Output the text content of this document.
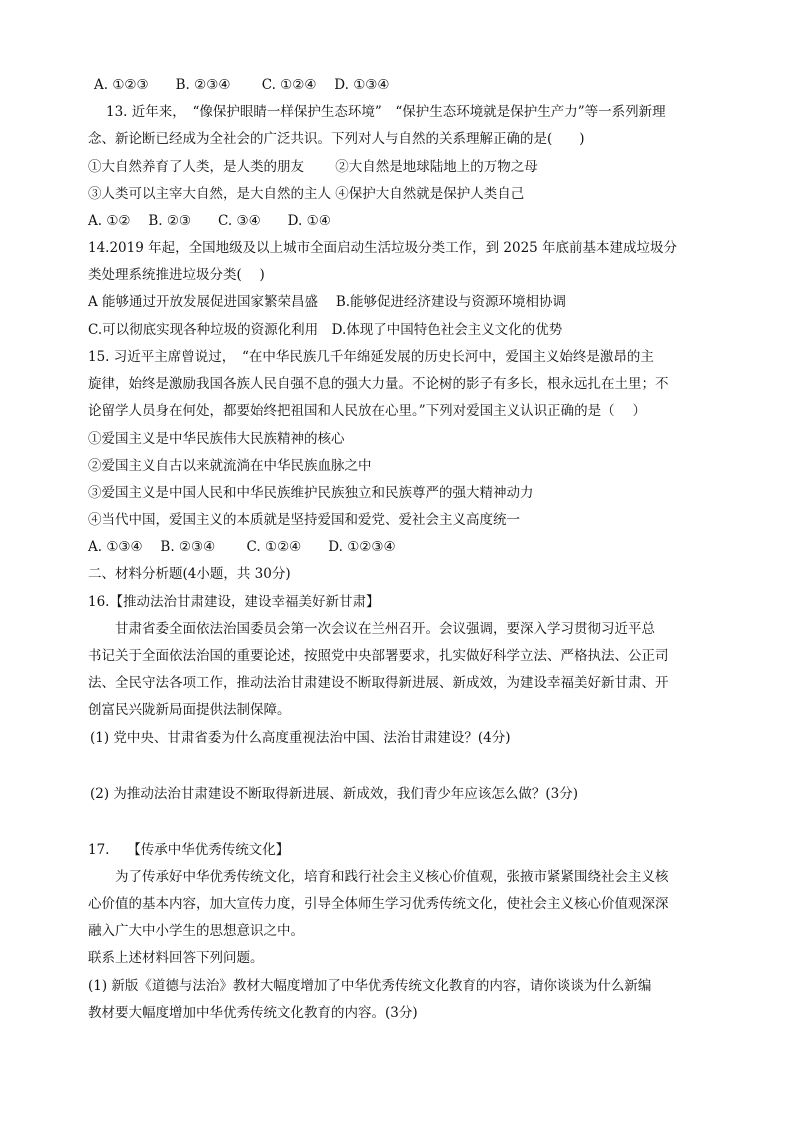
A. ①②③　　B. ②③④　　 C. ①②④　 D. ①③④
13. 近年来，　“像保护眼睛一样保护生态环境”　“保护生态环境就是保护生产力”等一系列新理
念、新论断已经成为全社会的广泛共识。下列对人与自然的关系理解正确的是(　　)
①大自然养育了人类，是人类的朋友　　 ②大自然是地球陆地上的万物之母
③人类可以主宰大自然，是大自然的主人 ④保护大自然就是保护人类自己
A. ①②　 B. ②③　　C. ③④　　D. ①④
14.2019 年起，全国地级及以上城市全面启动生活垃圾分类工作，到 2025 年底前基本建成垃圾分
类处理系统推进垃圾分类(　 )
A 能够通过开放发展促进国家繁荣昌盛　 B.能够促进经济建设与资源环境相协调
C.可以彻底实现各种垃圾的资源化利用　D.体现了中国特色社会主义文化的优势
15. 习近平主席曾说过，　“在中华民族几千年绵延发展的历史长河中，爱国主义始终是激昂的主
旋律，始终是激励我国各族人民自强不息的强大力量。不论树的影子有多长，根永远扎在土里；不
论留学人员身在何处，都要始终把祖国和人民放在心里。”下列对爱国主义认识正确的是（　 ）
①爱国主义是中华民族伟大民族精神的核心
②爱国主义自古以来就流淌在中华民族血脉之中
③爱国主义是中国人民和中华民族维护民族独立和民族尊严的强大精神动力
④当代中国，爱国主义的本质就是坚持爱国和爱党、爱社会主义高度统一
A. ①③④　 B. ②③④　　 C. ①②④　　D. ①②③④
二、材料分析题(4小题，共 30分)
16.【推动法治甘肃建设，建设幸福美好新甘肃】
　　甘肃省委全面依法治国委员会第一次会议在兰州召开。会议强调，要深入学习贯彻习近平总
书记关于全面依法治国的重要论述，按照党中央部署要求，扎实做好科学立法、严格执法、公正司
法、全民守法各项工作，推动法治甘肃建设不断取得新进展、新成效，为建设幸福美好新甘肃、开
创富民兴陇新局面提供法制保障。
(1) 党中央、甘肃省委为什么高度重视法治中国、法治甘肃建设？(4分)
(2) 为推动法治甘肃建设不断取得新进展、新成效，我们青少年应该怎么做？(3分)
17.　 【传承中华优秀传统文化】
　　为了传承好中华优秀传统文化，培育和践行社会主义核心价值观，张掖市紧紧围绕社会主义核
心价值的基本内容，加大宣传力度，引导全体师生学习优秀传统文化，使社会主义核心价值观深深
融入广大中小学生的思想意识之中。
联系上述材料回答下列问题。
(1) 新版《道德与法治》教材大幅度增加了中华优秀传统文化教育的内容，请你谈谈为什么新编
教材要大幅度增加中华优秀传统文化教育的内容。(3分)
